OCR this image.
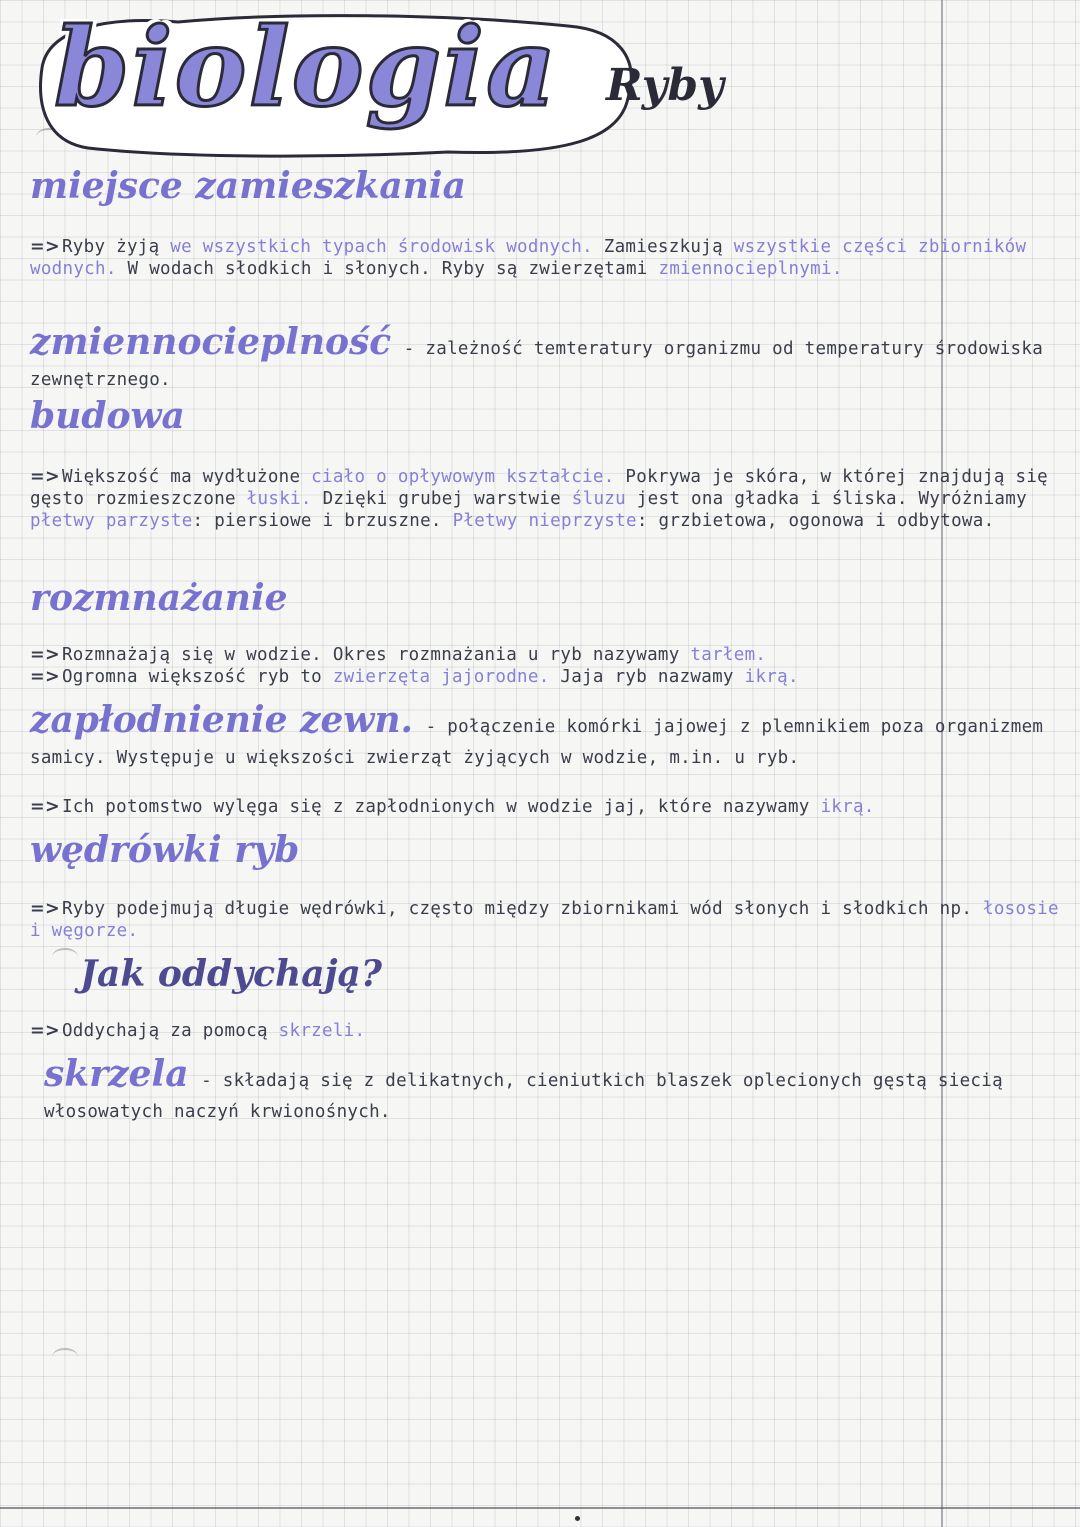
biologia Ryby
miejsce zamieszkania
=> Ryby żyją we wszystkich typach środowisk wodnych. Zamieszkują wszystkie części zbiorników wodnych. W wodach słodkich i słonych. Ryby są zwierzętami zmiennocieplnymi.
zmiennocieplność - zależność temteratury organizmu od temperatury środowiska zewnętrznego.
budowa
=> Większość ma wydłużone ciało o opływowym kształcie. Pokrywa je skóra, w której znajdują się gęsto rozmieszczone łuski. Dzięki grubej warstwie śluzu jest ona gładka i śliska. Wyróżniamy płetwy parzyste: piersiowe i brzuszne. Płetwy nieprzyste: grzbietowa, ogonowa i odbytowa.
rozmnażanie
=> Rozmnażają się w wodzie. Okres rozmnażania u ryb nazywamy tarłem.
=> Ogromna większość ryb to zwierzęta jajorodne. Jaja ryb nazwamy ikrą.
zapłodnienie zewn. - połączenie komórki jajowej z plemnikiem poza organizmem samicy. Występuje u większości zwierząt żyjących w wodzie, m.in. u ryb.
=> Ich potomstwo wylęga się z zapłodnionych w wodzie jaj, które nazywamy ikrą.
wędrówki ryb
=> Ryby podejmują długie wędrówki, często między zbiornikami wód słonych i słodkich np. łososie i węgorze.
Jak oddychają?
=> Oddychają za pomocą skrzeli.
skrzela - składają się z delikatnych, cieniutkich blaszek oplecionych gęstą siecią włosowatych naczyń krwionośnych.
